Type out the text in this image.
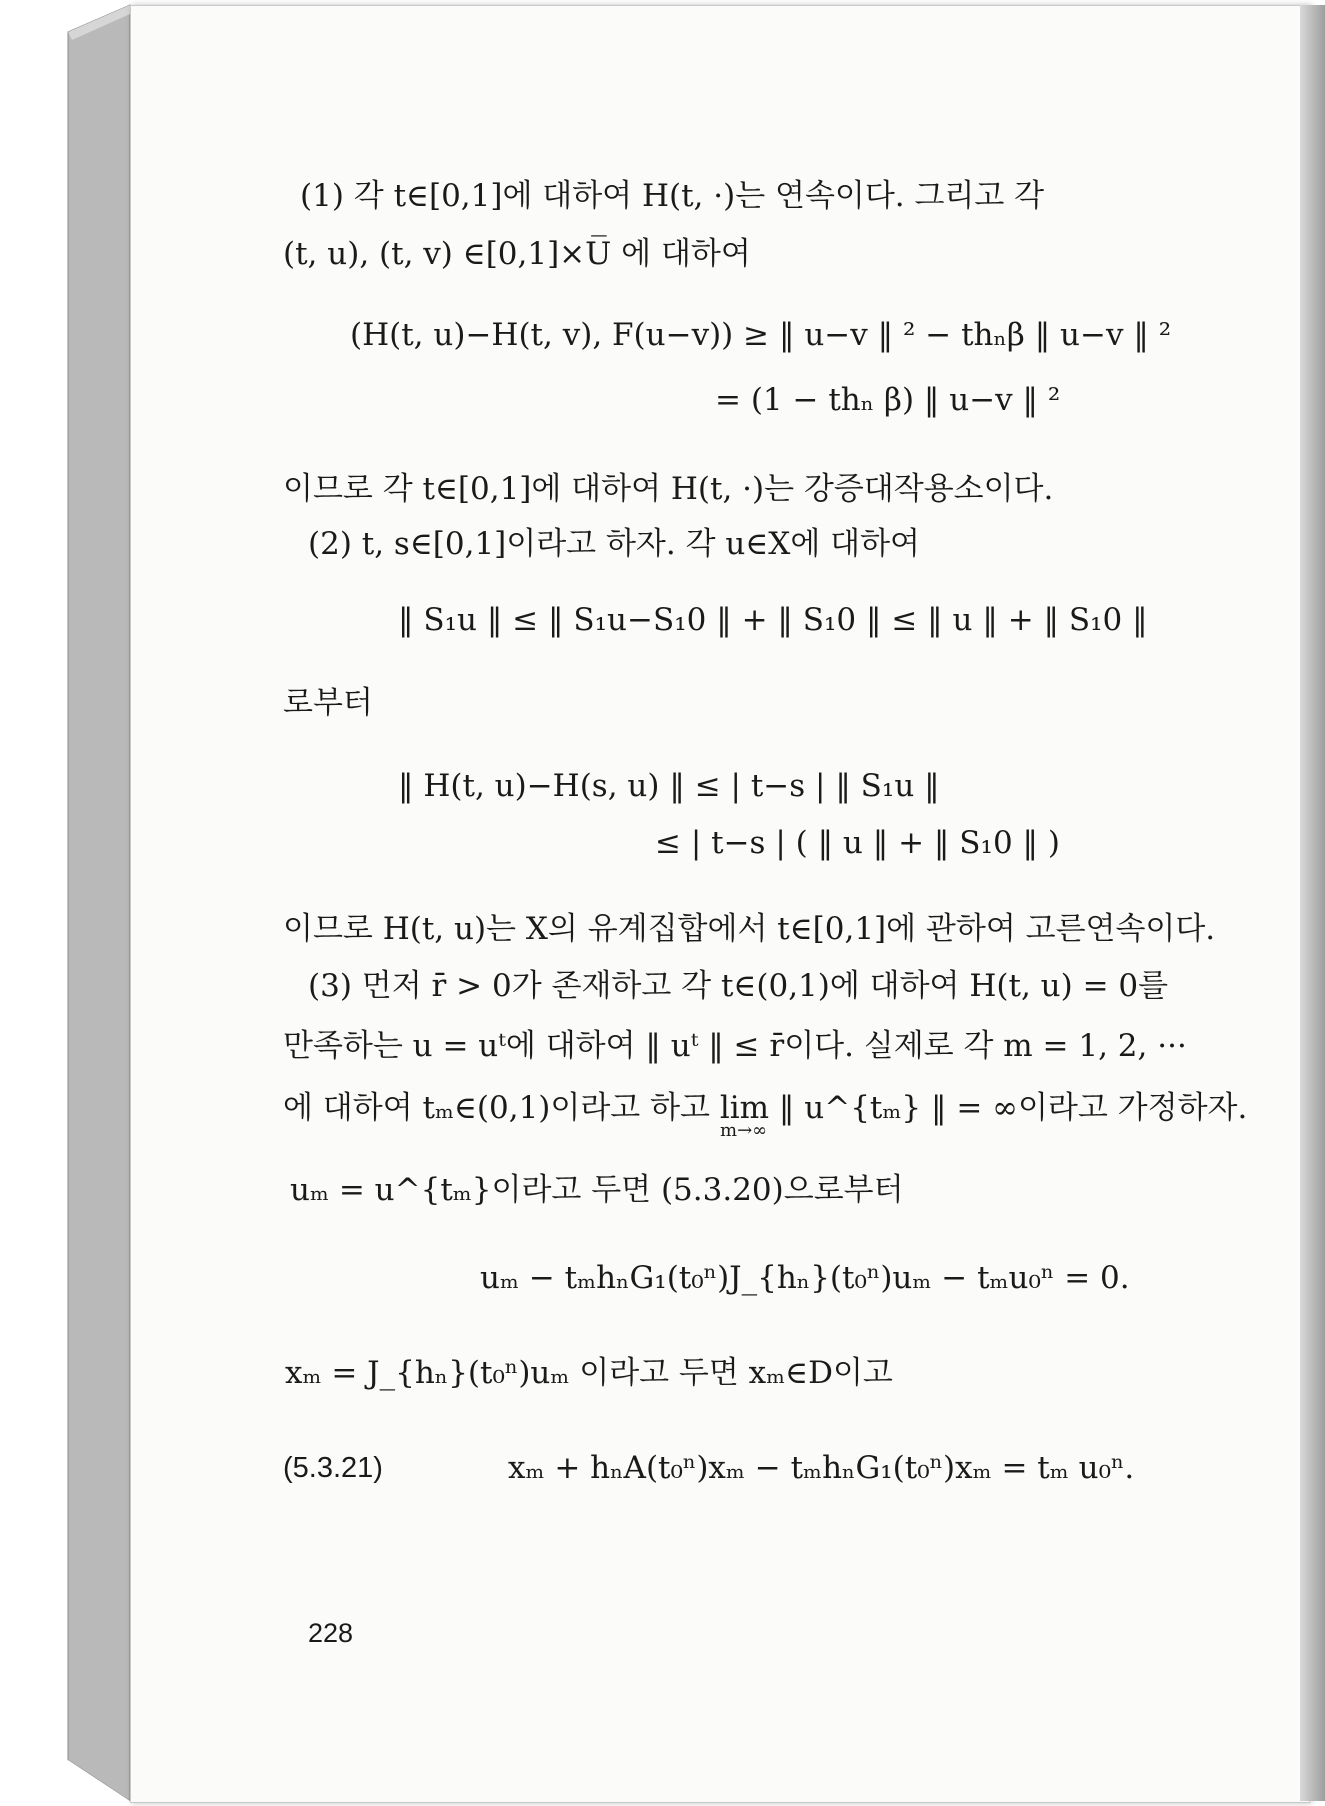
(1) 각 t∈[0,1]에 대하여 H(t, ·)는 연속이다. 그리고 각
(t, u), (t, v) ∈[0,1]×U̅ 에 대하여
(H(t, u)−H(t, v), F(u−v)) ≥ ‖ u−v ‖ ² − thₙβ ‖ u−v ‖ ²
= (1 − thₙ β) ‖ u−v ‖ ²
이므로 각 t∈[0,1]에 대하여 H(t, ·)는 강증대작용소이다.
(2) t, s∈[0,1]이라고 하자. 각 u∈X에 대하여
‖ S₁u ‖ ≤ ‖ S₁u−S₁0 ‖ + ‖ S₁0 ‖ ≤ ‖ u ‖ + ‖ S₁0 ‖
로부터
‖ H(t, u)−H(s, u) ‖ ≤ | t−s | ‖ S₁u ‖
≤ | t−s | ( ‖ u ‖ + ‖ S₁0 ‖ )
이므로 H(t, u)는 X의 유계집합에서 t∈[0,1]에 관하여 고른연속이다.
(3) 먼저 r̄ > 0가 존재하고 각 t∈(0,1)에 대하여 H(t, u) = 0를
만족하는 u = uᵗ에 대하여 ‖ uᵗ ‖ ≤ r̄이다. 실제로 각 m = 1, 2, ···
에 대하여 tₘ∈(0,1)이라고 하고 lim ‖ u^{tₘ} ‖ = ∞이라고 가정하자.
m→∞
uₘ = u^{tₘ}이라고 두면 (5.3.20)으로부터
uₘ − tₘhₙG₁(t₀ⁿ)J_{hₙ}(t₀ⁿ)uₘ − tₘu₀ⁿ = 0.
xₘ = J_{hₙ}(t₀ⁿ)uₘ 이라고 두면 xₘ∈D이고
(5.3.21)	xₘ + hₙA(t₀ⁿ)xₘ − tₘhₙG₁(t₀ⁿ)xₘ = tₘ u₀ⁿ.
228
